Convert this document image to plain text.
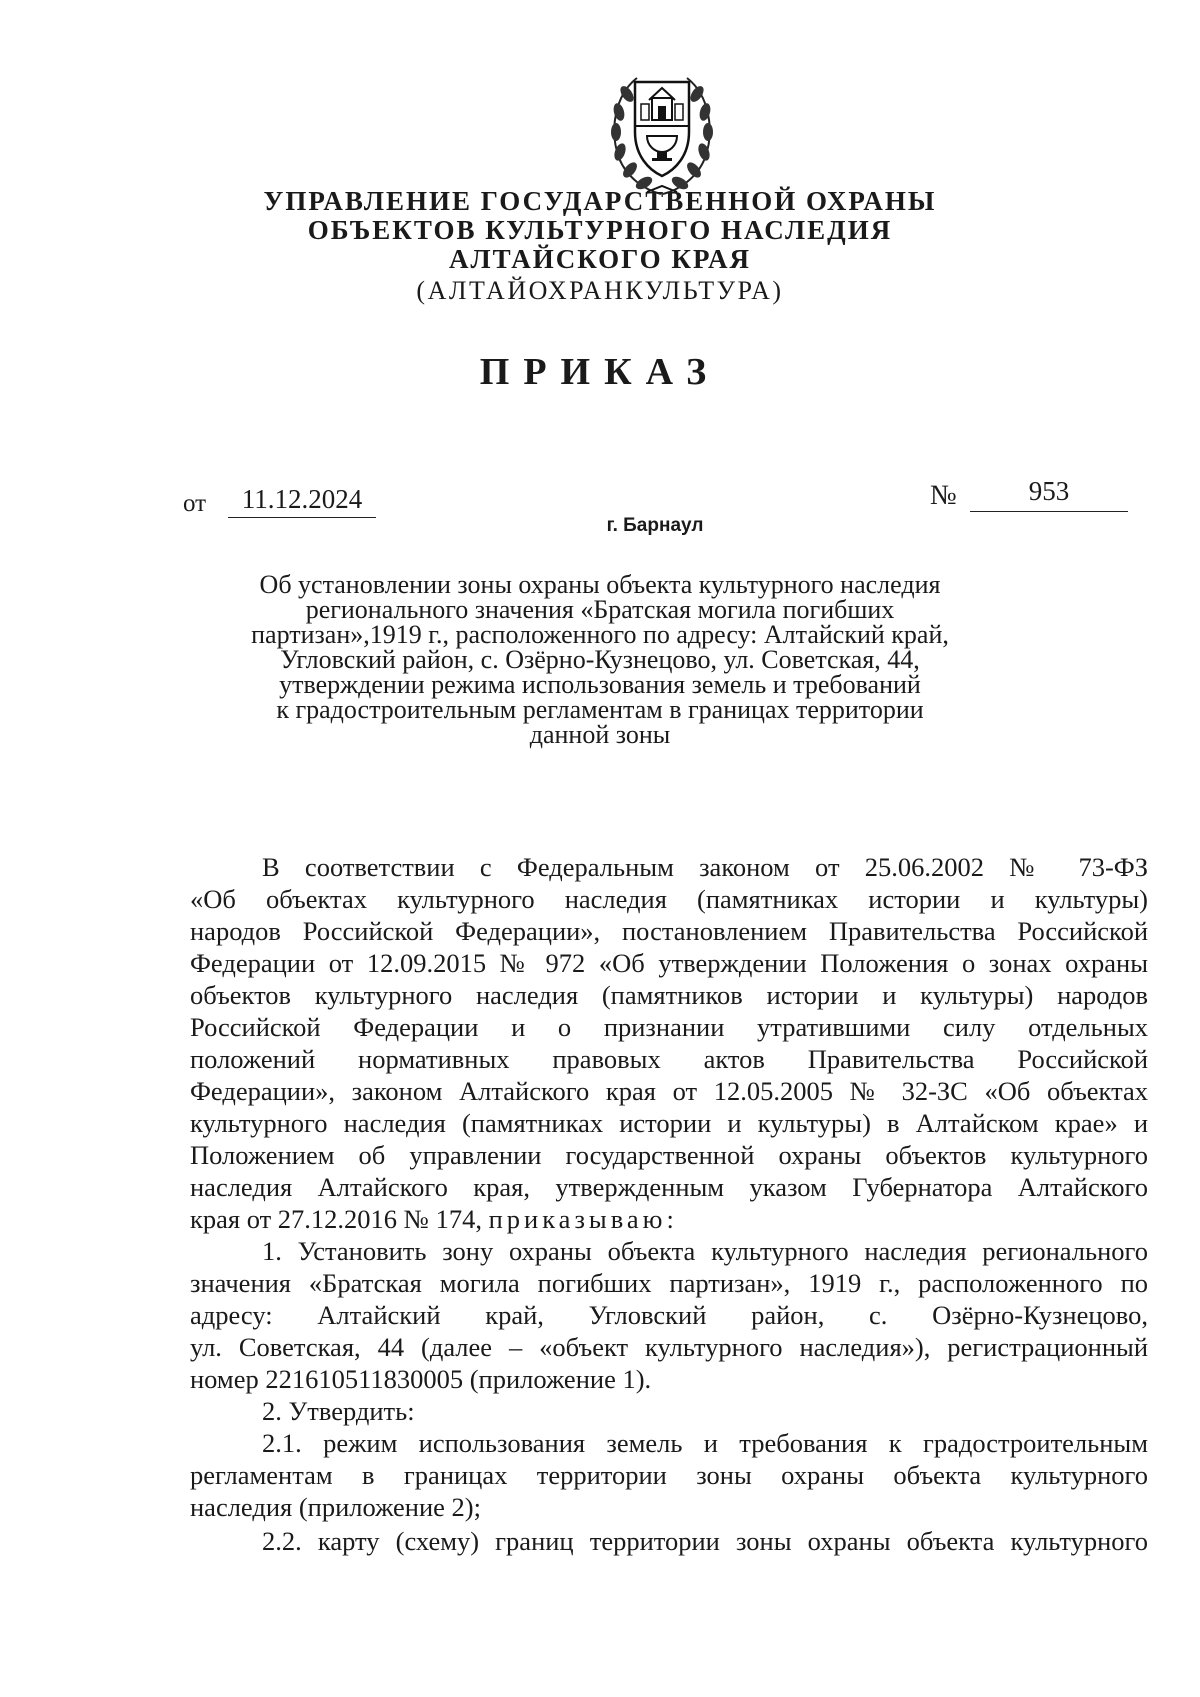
УПРАВЛЕНИЕ ГОСУДАРСТВЕННОЙ ОХРАНЫ
ОБЪЕКТОВ КУЛЬТУРНОГО НАСЛЕДИЯ
АЛТАЙСКОГО КРАЯ
(АЛТАЙОХРАНКУЛЬТУРА)
ПРИКАЗ
от	11.12.2024	№	953
г. Барнаул
Об установлении зоны охраны объекта культурного наследия
регионального значения «Братская могила погибших
партизан»,1919 г., расположенного по адресу: Алтайский край,
Угловский район, с. Озёрно-Кузнецово, ул. Советская, 44,
утверждении режима использования земель и требований
к градостроительным регламентам в границах территории
данной зоны
В соответствии с Федеральным законом от 25.06.2002 № 73-ФЗ
«Об объектах культурного наследия (памятниках истории и культуры)
народов Российской Федерации», постановлением Правительства Российской
Федерации от 12.09.2015 № 972 «Об утверждении Положения о зонах охраны
объектов культурного наследия (памятников истории и культуры) народов
Российской Федерации и о признании утратившими силу отдельных
положений нормативных правовых актов Правительства Российской
Федерации», законом Алтайского края от 12.05.2005 № 32-ЗС «Об объектах
культурного наследия (памятниках истории и культуры) в Алтайском крае» и
Положением об управлении государственной охраны объектов культурного
наследия Алтайского края, утвержденным указом Губернатора Алтайского
края от 27.12.2016 № 174, приказываю:
1. Установить зону охраны объекта культурного наследия регионального
значения «Братская могила погибших партизан», 1919 г., расположенного по
адресу: Алтайский край, Угловский район, с. Озёрно-Кузнецово,
ул. Советская, 44 (далее – «объект культурного наследия»), регистрационный
номер 221610511830005 (приложение 1).
2. Утвердить:
2.1. режим использования земель и требования к градостроительным
регламентам в границах территории зоны охраны объекта культурного
наследия (приложение 2);
2.2. карту (схему) границ территории зоны охраны объекта культурного
